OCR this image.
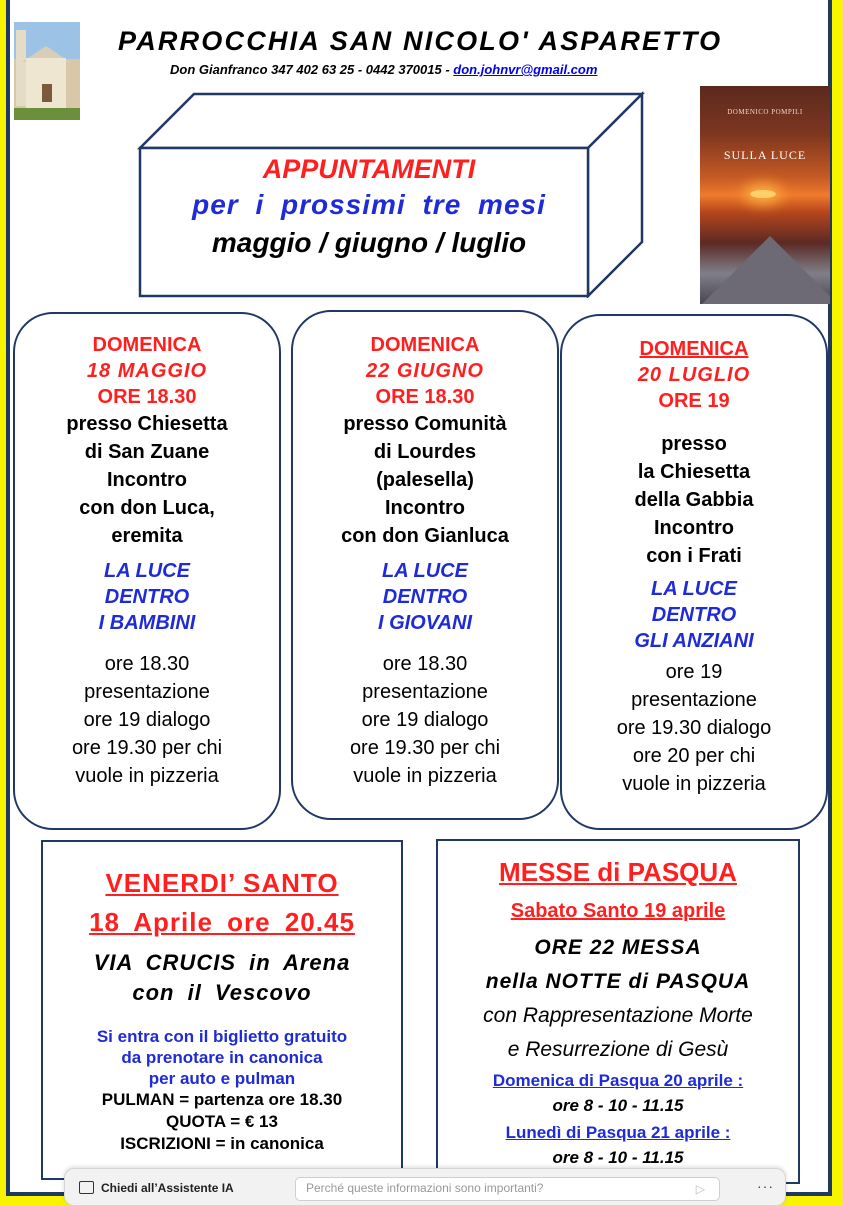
PARROCCHIA SAN NICOLO' ASPARETTO
Don Gianfranco 347 402 63 25 - 0442 370015 - don.johnvr@gmail.com
APPUNTAMENTI
per i prossimi tre mesi
maggio / giugno / luglio
DOMENICO POMPILI
SULLA LUCE
DOMENICA
18 MAGGIO
ORE 18.30
presso Chiesetta
di San Zuane
Incontro
con don Luca,
eremita
LA LUCE
DENTRO
I BAMBINI
ore 18.30
presentazione
ore 19 dialogo
ore 19.30 per chi
vuole in pizzeria
DOMENICA
22 GIUGNO
ORE 18.30
presso Comunità
di Lourdes
(palesella)
Incontro
con don Gianluca
LA LUCE
DENTRO
I GIOVANI
ore 18.30
presentazione
ore 19 dialogo
ore 19.30 per chi
vuole in pizzeria
DOMENICA
20 LUGLIO
ORE 19
presso
la Chiesetta
della Gabbia
Incontro
con i Frati
LA LUCE
DENTRO
GLI ANZIANI
ore 19
presentazione
ore 19.30 dialogo
ore 20 per chi
vuole in pizzeria
VENERDI’ SANTO
18 Aprile ore 20.45
VIA CRUCIS in Arena
con il Vescovo
Si entra con il biglietto gratuito
da prenotare in canonica
per auto e pulman
PULMAN = partenza ore 18.30
QUOTA = € 13
ISCRIZIONI = in canonica
MESSE di PASQUA
Sabato Santo 19 aprile
ORE 22 MESSA
nella NOTTE di PASQUA
con Rappresentazione Morte
e Resurrezione di Gesù
Domenica di Pasqua 20 aprile :
ore 8 - 10 - 11.15
Lunedì di Pasqua 21 aprile :
ore 8 - 10 - 11.15
Chiedi all’Assistente IA	Perché queste informazioni sono importanti?	▷	···
